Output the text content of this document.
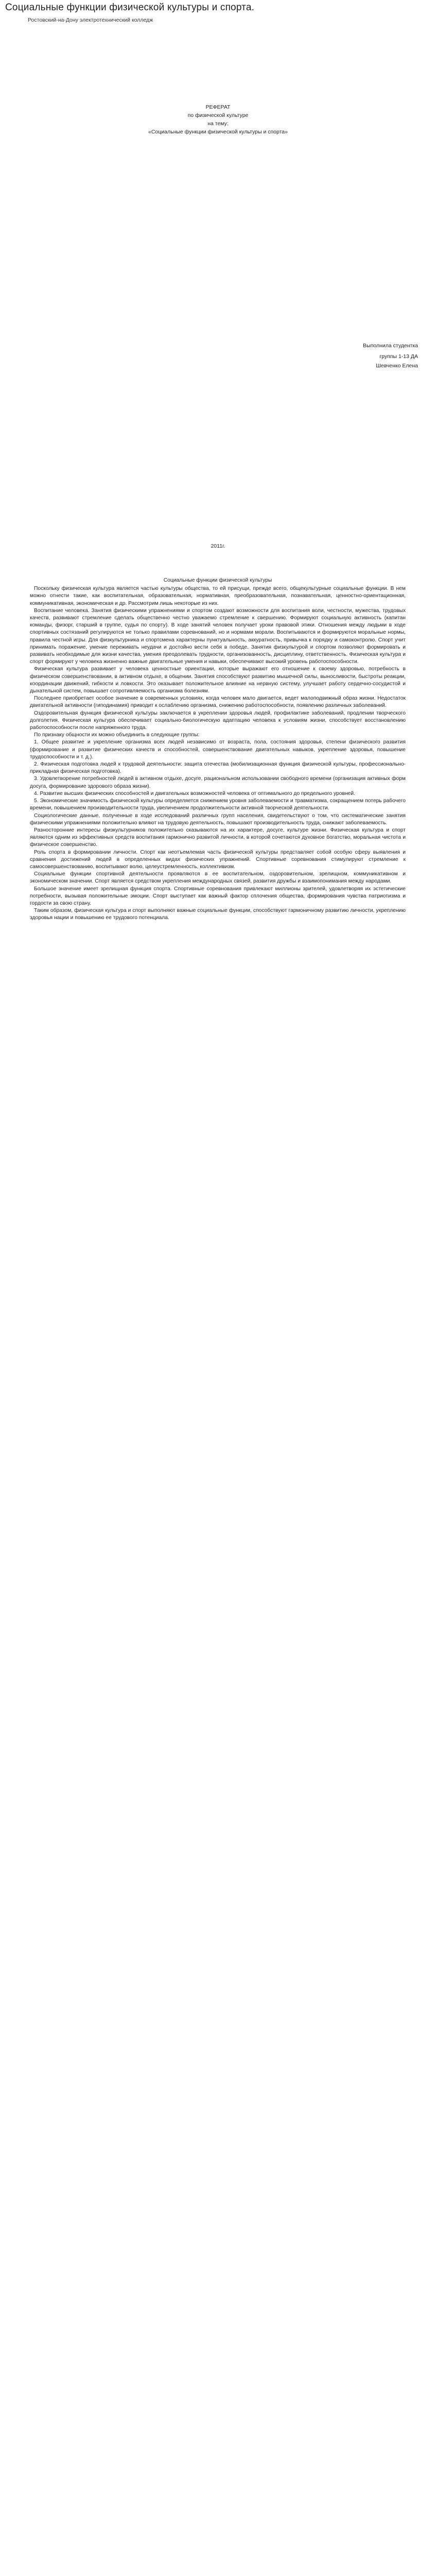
Социальные функции физической культуры и спорта.

Ростовский-на-Дону электротехнический колледж

РЕФЕРАТ
по физической культуре
на тему:
«Социальные функции физической культуры и спорта»
Выполнила студентка
группы 1-13 ДА
Шевченко Елена
2011г.

Социальные функции физической культуры

Поскольку физическая культура является частью культуры общества, то ей присущи, прежде всего, общекультурные социальные функции. В нем можно отнести такие, как воспитательная, образовательная, нормативная, преобразовательная, познавательная, ценностно-ориентационная, коммуникативная, экономическая и др. Рассмотрим лишь некоторые из них.

Воспитание человека. Занятия физическими упражнениями и спортом создают возможности для воспитания воли, честности, мужества, трудовых качеств, развивают стремление сделать общественно честно уважаемо стремление к свершению. Формируют социальную активность (капитан команды, физорг, старший в группе, судья по спорту). В ходе занятий человек получает уроки правовой этики. Отношения между людьми в ходе спортивных состязаний регулируются не только правилами соревнований, но и нормами морали. Воспитываются и формируются моральные нормы, правила честной игры. Для физкультурника и спортсмена характерны пунктуальность, аккуратность, привычка к порядку и самоконтролю. Спорт учит принимать поражение, умение переживать неудачи и достойно вести себя в победе. Занятия физкультурой и спортом позволяют формировать и развивать необходимые для жизни качества, умения преодолевать трудности, организованность, дисциплину, ответственность. Физическая культура и спорт формируют у человека жизненно важные двигательные умения и навыки, обеспечивают высокий уровень работоспособности.

Физическая культура развивает у человека ценностные ориентации, которые выражают его отношение к своему здоровью, потребность в физическом совершенствовании, в активном отдыхе, в общении. Занятия способствуют развитию мышечной силы, выносливости, быстроты реакции, координации движений, гибкости и ловкости. Это оказывает положительное влияние на нервную систему, улучшает работу сердечно-сосудистой и дыхательной систем, повышает сопротивляемость организма болезням.

Последнее приобретает особое значение в современных условиях, когда человек мало двигается, ведет малоподвижный образ жизни. Недостаток двигательной активности (гиподинамия) приводит к ослаблению организма, снижению работоспособности, появлению различных заболеваний.

Оздоровительная функция физической культуры заключается в укреплении здоровья людей, профилактике заболеваний, продлении творческого долголетия. Физическая культура обеспечивает социально-биологическую адаптацию человека к условиям жизни, способствует восстановлению работоспособности после напряженного труда.

По признаку общности их можно объединить в следующие группы:

1. Общее развитие и укрепление организма всех людей независимо от возраста, пола, состояния здоровья, степени физического развития (формирование и развитие физических качеств и способностей, совершенствование двигательных навыков, укрепление здоровья, повышение трудоспособности и т. д.).

2. Физическая подготовка людей к трудовой деятельности: защита отечества (мобилизационная функция физической культуры, профессионально-прикладная физическая подготовка).

3. Удовлетворение потребностей людей в активном отдыхе, досуге, рациональном использовании свободного времени (организация активных форм досуга, формирование здорового образа жизни).

4. Развитие высших физических способностей и двигательных возможностей человека от оптимального до предельного уровней.

5. Экономические значимость физической культуры определяется снижением уровня заболеваемости и травматизма, сокращением потерь рабочего времени, повышением производительности труда, увеличением продолжительности активной творческой деятельности.

Социологические данные, полученные в ходе исследований различных групп населения, свидетельствуют о том, что систематические занятия физическими упражнениями положительно влияют на трудовую деятельность, повышают производительность труда, снижают заболеваемость.

Разносторонние интересы физкультурников положительно сказываются на их характере, досуге, культуре жизни. Физическая культура и спорт являются одним из эффективных средств воспитания гармонично развитой личности, в которой сочетаются духовное богатство, моральная чистота и физическое совершенство.

Роль спорта в формировании личности. Спорт как неотъемлемая часть физической культуры представляет собой особую сферу выявления и сравнения достижений людей в определенных видах физических упражнений. Спортивные соревнования стимулируют стремление к самосовершенствованию, воспитывают волю, целеустремленность, коллективизм.

Социальные функции спортивной деятельности проявляются в ее воспитательном, оздоровительном, зрелищном, коммуникативном и экономическом значении. Спорт является средством укрепления международных связей, развития дружбы и взаимопонимания между народами.

Большое значение имеет зрелищная функция спорта. Спортивные соревнования привлекают миллионы зрителей, удовлетворяя их эстетические потребности, вызывая положительные эмоции. Спорт выступает как важный фактор сплочения общества, формирования чувства патриотизма и гордости за свою страну.

Таким образом, физическая культура и спорт выполняют важные социальные функции, способствуют гармоничному развитию личности, укреплению здоровья нации и повышению ее трудового потенциала.
